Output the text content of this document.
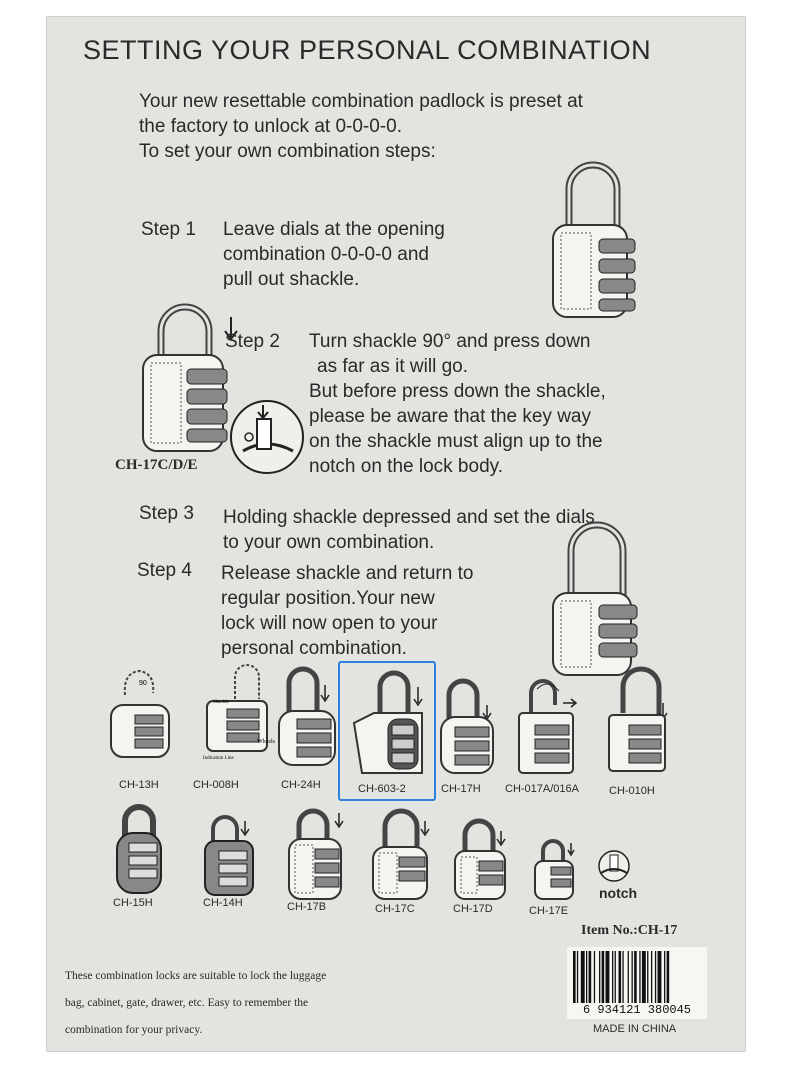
SETTING YOUR PERSONAL COMBINATION
Your new resettable combination padlock is preset at
the factory to unlock at 0-0-0-0.
To set your own combination steps:
Step 1 Leave dials at the opening
combination 0-0-0-0 and
pull out shackle.
CH-17C/D/E
Step 2 Turn shackle 90° and press down
as far as it will go.
But before press down the shackle,
please be aware that the key way
on the shackle must align up to the
notch on the lock body.
Step 3 Holding shackle depressed and set the dials
to your own combination.
Step 4 Release shackle and return to
regular position.Your new
lock will now open to your
personal combination.
90
Wheels
Indication Line
Shackle
CH-13H	CH-008H	CH-24H	CH-603-2	CH-17H CH-017A/016A	CH-010H
CH-15H	CH-14H	CH-17B	CH-17C	CH-17D	CH-17E
notch
Item No.:CH-17
These combination locks are suitable to lock the luggage
bag, cabinet, gate, drawer, etc. Easy to remember the
combination for your privacy.
6 934121 380045
MADE IN CHINA
